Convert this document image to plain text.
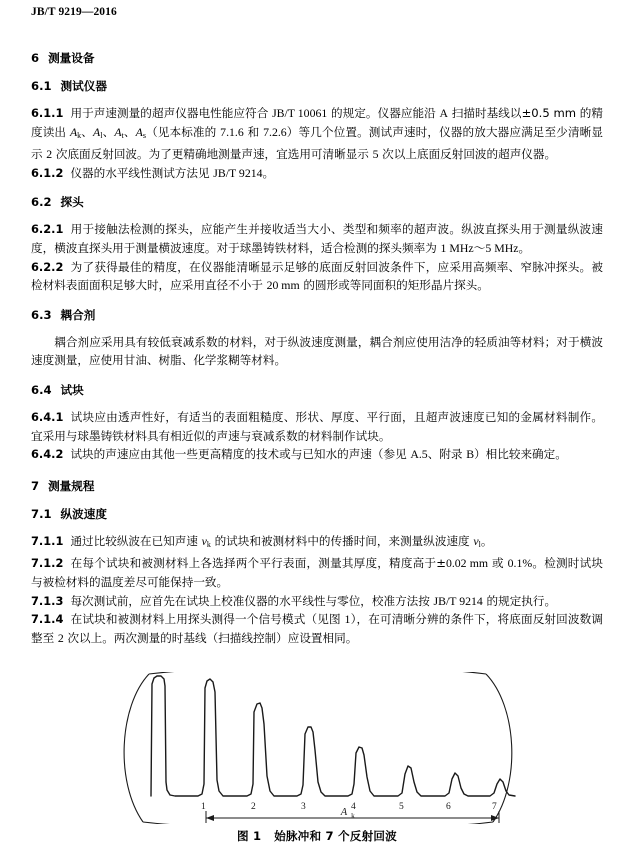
JB/T 9219—2016
6 测量设备
6.1 测试仪器

6.1.1 用于声速测量的超声仪器电性能应符合 JB/T 10061 的规定。仪器应能沿 A 扫描时基线以±0.5 mm 的精度读出 $A_k$、$A_l$、$A_t$、$A_s$（见本标准的 7.1.6 和 7.2.6）等几个位置。测试声速时，仪器的放大器应满足至少清晰显示 2 次底面反射回波。为了更精确地测量声速，宜选用可清晰显示 5 次以上底面反射回波的超声仪器。

6.1.2 仪器的水平线性测试方法见 JB/T 9214。

6.2 探头

6.2.1 用于接触法检测的探头，应能产生并接收适当大小、类型和频率的超声波。纵波直探头用于测量纵波速度，横波直探头用于测量横波速度。对于球墨铸铁材料，适合检测的探头频率为 1 MHz～5 MHz。

6.2.2 为了获得最佳的精度，在仪器能清晰显示足够的底面反射回波条件下，应采用高频率、窄脉冲探头。被检材料表面面积足够大时，应采用直径不小于 20 mm 的圆形或等同面积的矩形晶片探头。

6.3 耦合剂

耦合剂应采用具有较低衰减系数的材料，对于纵波速度测量，耦合剂应使用洁净的轻质油等材料；对于横波速度测量，应使用甘油、树脂、化学浆糊等材料。

6.4 试块

6.4.1 试块应由透声性好，有适当的表面粗糙度、形状、厚度、平行面，且超声波速度已知的金属材料制作。宜采用与球墨铸铁材料具有相近似的声速与衰减系数的材料制作试块。

6.4.2 试块的声速应由其他一些更高精度的技术或与已知水的声速（参见 A.5、附录 B）相比较来确定。

7 测量规程
7.1 纵波速度

7.1.1 通过比较纵波在已知声速 $v_k$ 的试块和被测材料中的传播时间，来测量纵波速度 $v_l$。

7.1.2 在每个试块和被测材料上各选择两个平行表面，测量其厚度，精度高于±0.02 mm 或 0.1%。检测时试块与被检材料的温度差尽可能保持一致。

7.1.3 每次测试前，应首先在试块上校准仪器的水平线性与零位，校准方法按 JB/T 9214 的规定执行。

7.1.4 在试块和被测材料上用探头测得一个信号模式（见图 1），在可清晰分辨的条件下，将底面反射回波数调整至 2 次以上。两次测量的时基线（扫描线控制）应设置相同。

1	2	3	4	5	6	7
A k
图 1 始脉冲和 7 个反射回波
